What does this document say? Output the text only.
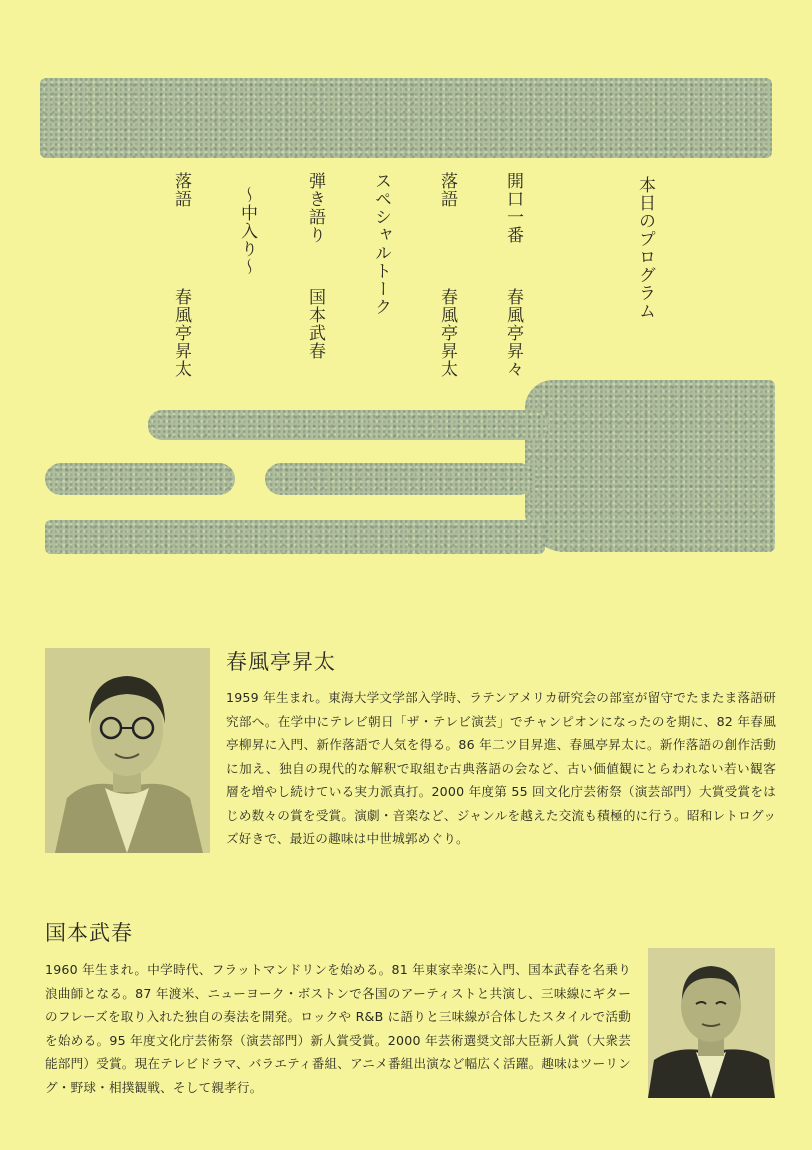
本日のプログラム
開口一番
春風亭昇々
落語
春風亭昇太
スペシャルトーク
弾き語り
国本武春
～中入り～
落語
春風亭昇太
春風亭昇太
1959 年生まれ。東海大学文学部入学時、ラテンアメリカ研究会の部室が留守でたまたま落語研究部へ。在学中にテレビ朝日「ザ・テレビ演芸」でチャンピオンになったのを期に、82 年春風亭柳昇に入門、新作落語で人気を得る。86 年二ツ目昇進、春風亭昇太に。新作落語の創作活動に加え、独自の現代的な解釈で取組む古典落語の会など、古い価値観にとらわれない若い観客層を増やし続けている実力派真打。2000 年度第 55 回文化庁芸術祭（演芸部門）大賞受賞をはじめ数々の賞を受賞。演劇・音楽など、ジャンルを越えた交流も積極的に行う。昭和レトログッズ好きで、最近の趣味は中世城郭めぐり。
国本武春
1960 年生まれ。中学時代、フラットマンドリンを始める。81 年東家幸楽に入門、国本武春を名乗り浪曲師となる。87 年渡米、ニューヨーク・ボストンで各国のアーティストと共演し、三味線にギターのフレーズを取り入れた独自の奏法を開発。ロックや R&B に語りと三味線が合体したスタイルで活動を始める。95 年度文化庁芸術祭（演芸部門）新人賞受賞。2000 年芸術選奨文部大臣新人賞（大衆芸能部門）受賞。現在テレビドラマ、バラエティ番組、アニメ番組出演など幅広く活躍。趣味はツーリング・野球・相撲観戦、そして親孝行。
